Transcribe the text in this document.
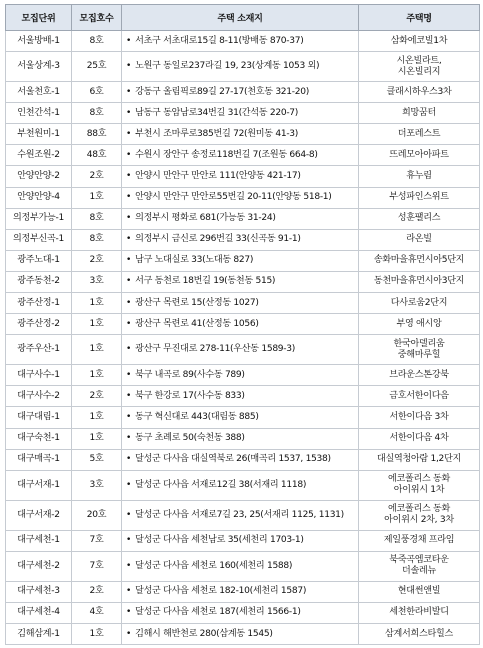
모집단위	모집호수	주택 소재지	주택명
서울방배-1	8호	• 서초구 서초대로15길 8-11(방배동 870-37)	삼화에코빌1차
서울상계-3	25호	• 노원구 동일로237라길 19, 23(상계동 1053 외)	시온빌라트,
시온빌리지
서울천호-1	6호	• 강동구 올림픽로89길 27-17(천호동 321-20)	클래시하우스3차
인천간석-1	8호	• 남동구 동암남로34번길 31(간석동 220-7)	희망꿈터
부천원미-1	88호	• 부천시 조마루로385번길 72(원미동 41-3)	더포레스트
수원조원-2	48호	• 수원시 장안구 송정로118번길 7(조원동 664-8)	뜨레모아아파트
안양안양-2	2호	• 안양시 만안구 만안로 111(안양동 421-17)	휴누림
안양안양-4	1호	• 안양시 만안구 만안로55번길 20-11(안양동 518-1)	부성파인스위트
의정부가능-1	8호	• 의정부시 평화로 681(가능동 31-24)	성훈팰리스
의정부신곡-1	8호	• 의정부시 금신로 296번길 33(신곡동 91-1)	라온빌
광주노대-1	2호	• 남구 노대실로 33(노대동 827)	송화마을휴먼시아5단지
광주동천-2	3호	• 서구 동천로 18번길 19(동천동 515)	동천마을휴먼시아3단지
광주산정-1	1호	• 광산구 목련로 15(산정동 1027)	다사로움2단지
광주산정-2	1호	• 광산구 목련로 41(산정동 1056)	부영 애시앙
광주우산-1	1호	• 광산구 무진대로 278-11(우산동 1589-3)	한국아델리움
중해마루힐
대구사수-1	1호	• 북구 내곡로 89(사수동 789)	브라운스톤강북
대구사수-2	2호	• 북구 한강로 17(사수동 833)	금호서한이다음
대구대림-1	1호	• 동구 혁신대로 443(대림동 885)	서한이다음 3차
대구숙천-1	1호	• 동구 초례로 50(숙천동 388)	서한이다음 4차
대구매곡-1	5호	• 달성군 다사읍 대실역북로 26(매곡리 1537, 1538)	대실역청아람 1,2단지
대구서재-1	3호	• 달성군 다사읍 서재로12길 38(서재리 1118)	에코폴리스 동화
아이위시 1차
대구서재-2	20호	• 달성군 다사읍 서재로7길 23, 25(서재리 1125, 1131)	에코폴리스 동화
아이위시 2차, 3차
대구세천-1	7호	• 달성군 다사읍 세천남로 35(세천리 1703-1)	제일풍경채 프라임
대구세천-2	7호	• 달성군 다사읍 세천로 160(세천리 1588)	북죽곡엠코타운
더솔레뉴
대구세천-3	2호	• 달성군 다사읍 세천로 182-10(세천리 1587)	현대썬앤빌
대구세천-4	4호	• 달성군 다사읍 세천로 187(세천리 1566-1)	세천한라비발디
김해삼계-1	1호	• 김해시 해반천로 280(삼계동 1545)	삼계서희스타힐스
